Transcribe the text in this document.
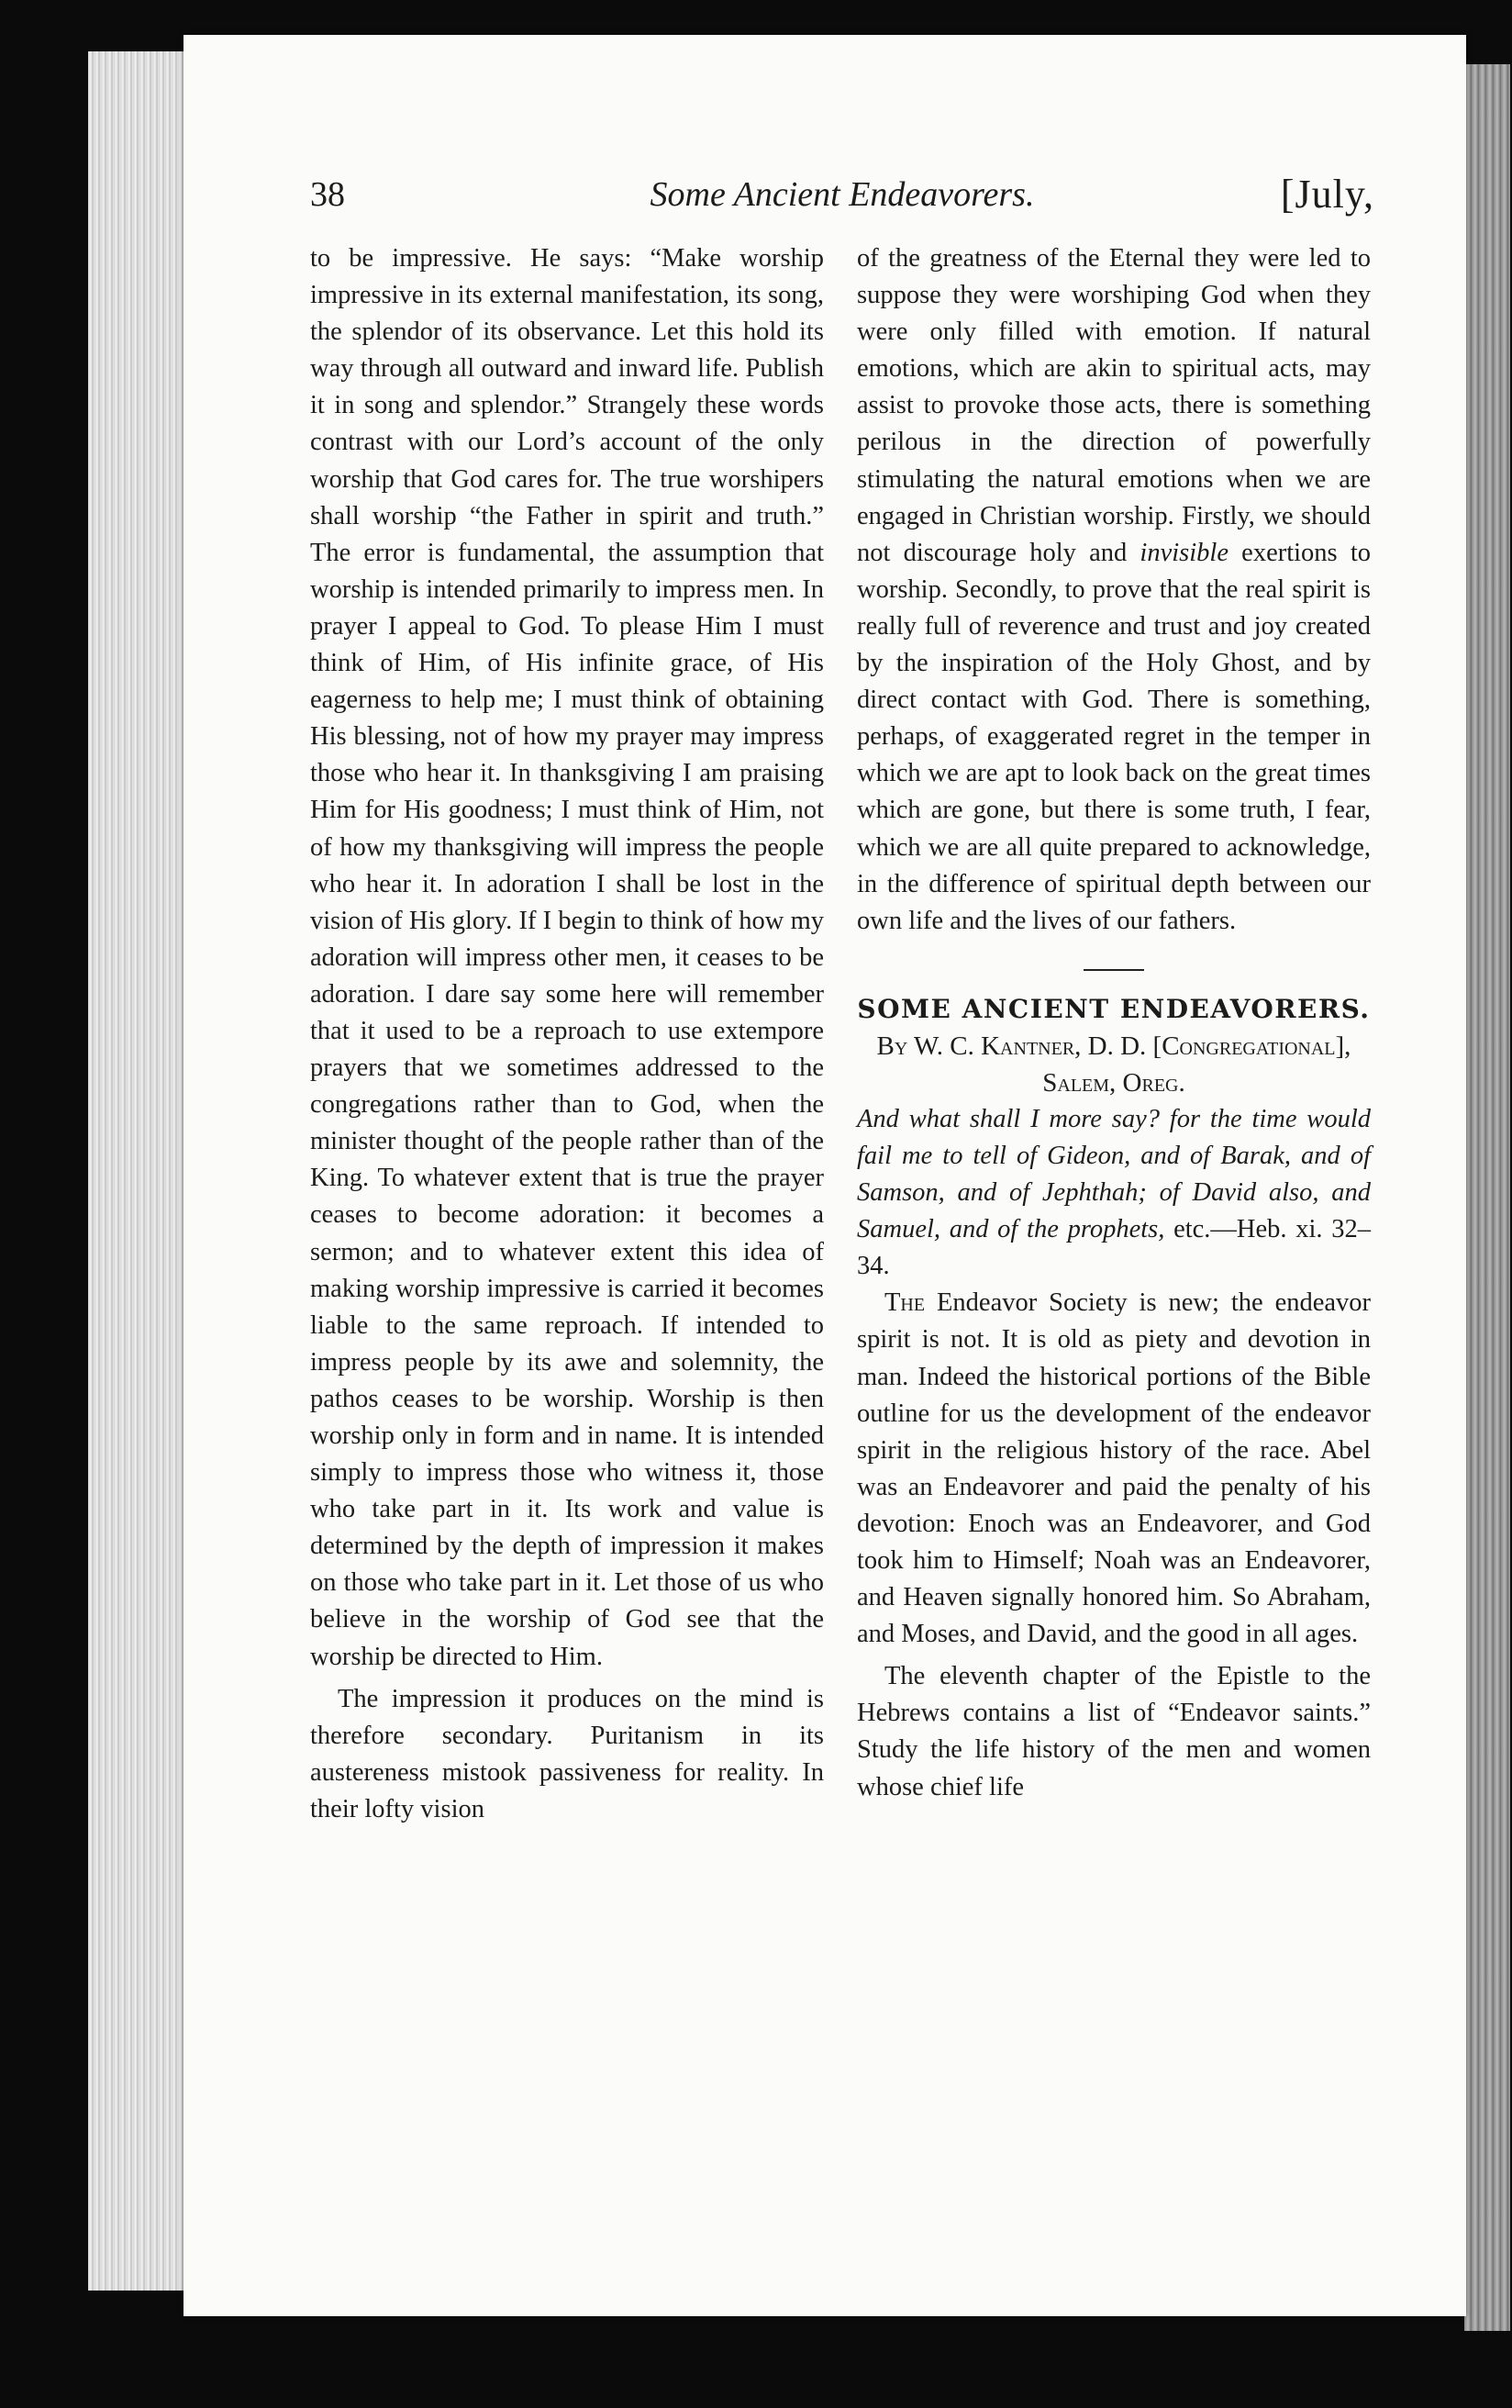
38	Some Ancient Endeavorers.	[July,

to be impressive. He says: “Make worship impressive in its external manifestation, its song, the splendor of its observance. Let this hold its way through all outward and inward life. Publish it in song and splendor.” Strangely these words contrast with our Lord’s account of the only worship that God cares for. The true worshipers shall worship “the Father in spirit and truth.” The error is fundamental, the assumption that worship is intended primarily to impress men. In prayer I appeal to God. To please Him I must think of Him, of His infinite grace, of His eagerness to help me; I must think of obtaining His blessing, not of how my prayer may impress those who hear it. In thanksgiving I am praising Him for His goodness; I must think of Him, not of how my thanksgiving will impress the people who hear it. In adoration I shall be lost in the vision of His glory. If I begin to think of how my adoration will impress other men, it ceases to be adoration. I dare say some here will remember that it used to be a reproach to use extempore prayers that we sometimes addressed to the congregations rather than to God, when the minister thought of the people rather than of the King. To whatever extent that is true the prayer ceases to become adoration: it becomes a sermon; and to whatever extent this idea of making worship impressive is carried it becomes liable to the same reproach. If intended to impress people by its awe and solemnity, the pathos ceases to be worship. Worship is then worship only in form and in name. It is intended simply to impress those who witness it, those who take part in it. Its work and value is determined by the depth of impression it makes on those who take part in it. Let those of us who believe in the worship of God see that the worship be directed to Him.

The impression it produces on the mind is therefore secondary. Puritanism in its austereness mistook passiveness for reality. In their lofty vision

of the greatness of the Eternal they were led to suppose they were worshiping God when they were only filled with emotion. If natural emotions, which are akin to spiritual acts, may assist to provoke those acts, there is something perilous in the direction of powerfully stimulating the natural emotions when we are engaged in Christian worship. Firstly, we should not discourage holy and invisible exertions to worship. Secondly, to prove that the real spirit is really full of reverence and trust and joy created by the inspiration of the Holy Ghost, and by direct contact with God. There is something, perhaps, of exaggerated regret in the temper in which we are apt to look back on the great times which are gone, but there is some truth, I fear, which we are all quite prepared to acknowledge, in the difference of spiritual depth between our own life and the lives of our fathers.

SOME ANCIENT ENDEAVORERS.

By W. C. Kantner, D. D. [Congregational], Salem, Oreg.

And what shall I more say? for the time would fail me to tell of Gideon, and of Barak, and of Samson, and of Jephthah; of David also, and Samuel, and of the prophets, etc.—Heb. xi. 32–34.

The Endeavor Society is new; the endeavor spirit is not. It is old as piety and devotion in man. Indeed the historical portions of the Bible outline for us the development of the endeavor spirit in the religious history of the race. Abel was an Endeavorer and paid the penalty of his devotion: Enoch was an Endeavorer, and God took him to Himself; Noah was an Endeavorer, and Heaven signally honored him. So Abraham, and Moses, and David, and the good in all ages.

The eleventh chapter of the Epistle to the Hebrews contains a list of “Endeavor saints.” Study the life history of the men and women whose chief life
